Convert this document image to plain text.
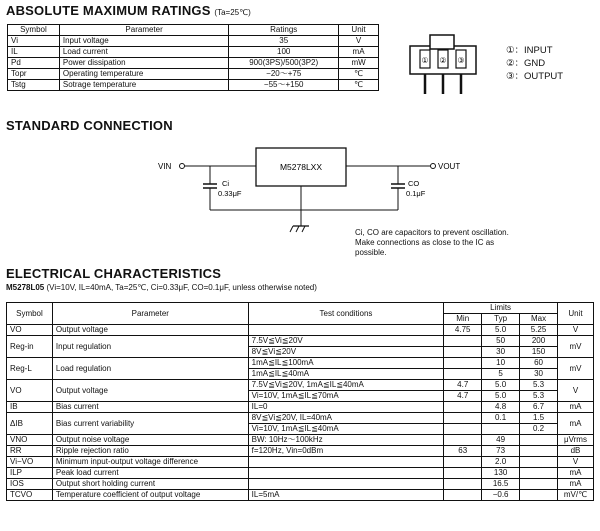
ABSOLUTE MAXIMUM RATINGS (Ta=25℃)
Symbol	Parameter	Ratings	Unit
Vi	Input voltage	35	V
IL	Load current	100	mA
Pd	Power dissipation	900(3PS)/500(3P2)	mW
Topr	Operating temperature	−20～+75	℃
Tstg	Sotrage temperature	−55～+150	℃
① ② ③
①：INPUT
②：GND
③：OUTPUT
STANDARD CONNECTION
VIN	M5278LXX	VOUT
Ci
0.33μF
CO
0.1μF
Ci, CO are capacitors to prevent oscillation.
Make connections as close to the IC as
possible.
ELECTRICAL CHARACTERISTICS
M5278L05 (Vi=10V, IL=40mA, Ta=25℃, Ci=0.33μF, CO=0.1μF, unless otherwise noted)
Symbol	Parameter	Test conditions	Limits			Unit
			Min	Typ	Max	
VO	Output voltage		4.75	5.0	5.25	V
Reg-in	Input regulation	7.5V≦Vi≦20V		50	200	mV
		8V≦Vi≦20V		30	150	
Reg-L	Load regulation	1mA≦IL≦100mA		10	60	mV
		1mA≦IL≦40mA		5	30	
VO	Output voltage	7.5V≦Vi≦20V, 1mA≦IL≦40mA	4.7	5.0	5.3	V
		Vi=10V, 1mA≦IL≦70mA	4.7	5.0	5.3	
IB	Bias current	IL=0		4.8	6.7	mA
ΔIB	Bias current variability	8V≦Vi≦20V, IL=40mA		0.1	1.5	mA
		Vi=10V, 1mA≦IL≦40mA			0.2	
VNO	Output noise voltage	BW: 10Hz～100kHz		49		μVrms
RR	Ripple rejection ratio	f=120Hz, Vin=0dBm	63	73		dB
Vi−VO	Minimum input-output voltage difference			2.0		V
ILP	Peak load current			130		mA
IOS	Output short holding current			16.5		mA
TCVO	Temperature coefficient of output voltage	IL=5mA		−0.6		mV/℃
